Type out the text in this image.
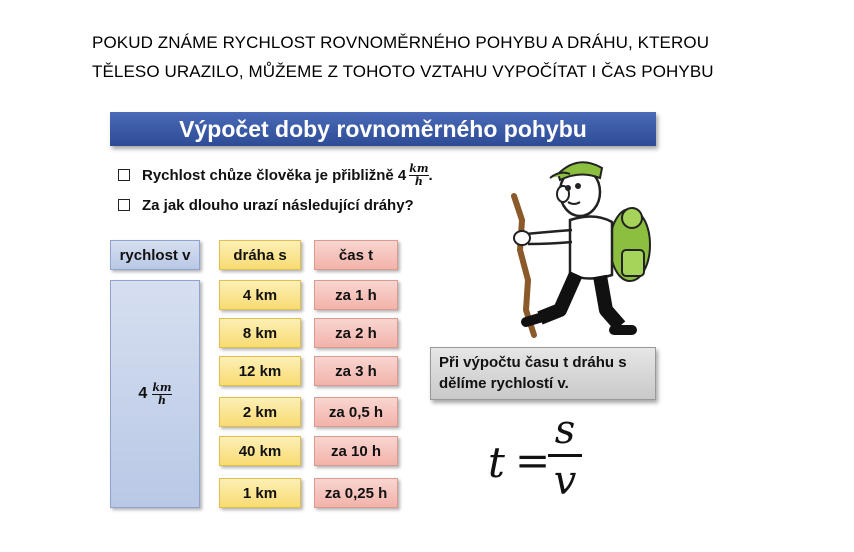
POKUD ZNÁME RYCHLOST ROVNOMĚRNÉHO POHYBU A DRÁHU, KTEROU
TĚLESO URAZILO, MŮŽEME Z TOHOTO VZTAHU VYPOČÍTAT I ČAS POHYBU
Výpočet doby rovnoměrného pohybu
Rychlost chůze člověka je přibližně $4 \frac{km}{h}$ .
Za jak dlouho urazí následující dráhy?
rychlost v	dráha s	čas t
$4 \frac{km}{h}$
4 km	za 1 h
8 km	za 2 h
12 km	za 3 h
2 km	za 0,5 h
40 km	za 10 h
1 km	za 0,25 h
Při výpočtu času t dráhu s dělíme rychlostí v.
t =
s
v
